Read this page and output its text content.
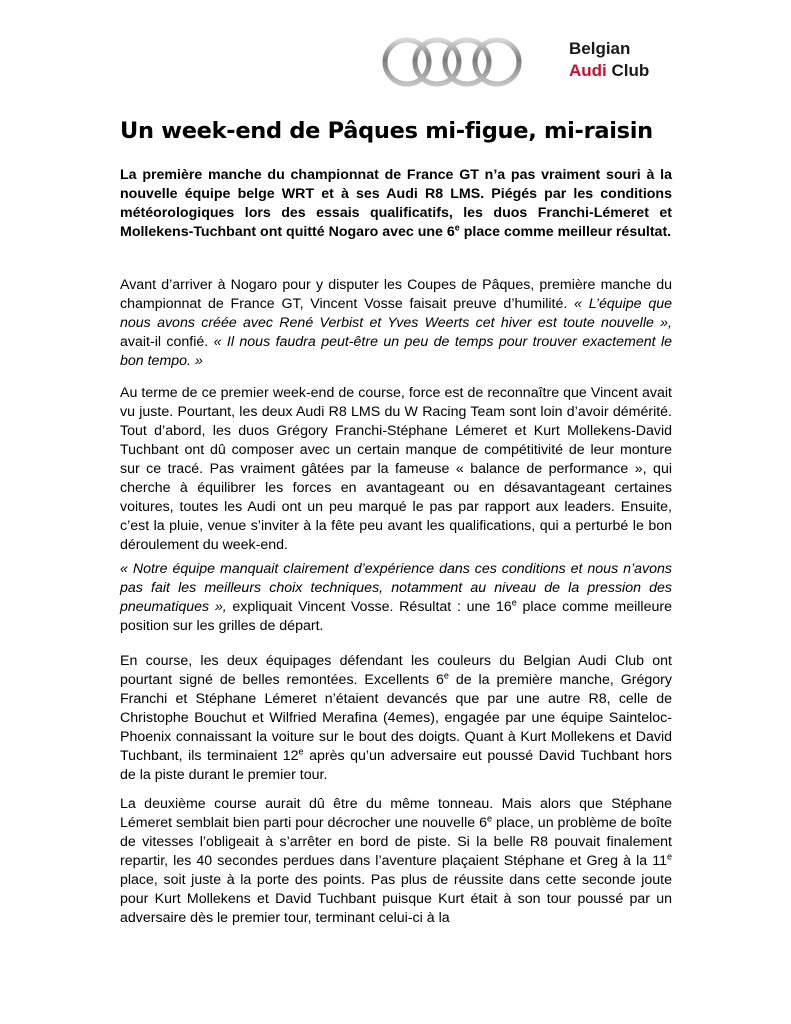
Belgian
Audi Club
Un week-end de Pâques mi-figue, mi-raisin
La première manche du championnat de France GT n’a pas vraiment souri à la nouvelle équipe belge WRT et à ses Audi R8 LMS. Piégés par les conditions météorologiques lors des essais qualificatifs, les duos Franchi-Lémeret et Mollekens-Tuchbant ont quitté Nogaro avec une 6e place comme meilleur résultat.
Avant d’arriver à Nogaro pour y disputer les Coupes de Pâques, première manche du championnat de France GT, Vincent Vosse faisait preuve d’humilité. « L’équipe que nous avons créée avec René Verbist et Yves Weerts cet hiver est toute nouvelle », avait-il confié. « Il nous faudra peut-être un peu de temps pour trouver exactement le bon tempo. »
Au terme de ce premier week-end de course, force est de reconnaître que Vincent avait vu juste. Pourtant, les deux Audi R8 LMS du W Racing Team sont loin d’avoir démérité. Tout d’abord, les duos Grégory Franchi-Stéphane Lémeret et Kurt Mollekens-David Tuchbant ont dû composer avec un certain manque de compétitivité de leur monture sur ce tracé. Pas vraiment gâtées par la fameuse « balance de performance », qui cherche à équilibrer les forces en avantageant ou en désavantageant certaines voitures, toutes les Audi ont un peu marqué le pas par rapport aux leaders. Ensuite, c’est la pluie, venue s’inviter à la fête peu avant les qualifications, qui a perturbé le bon déroulement du week-end.
« Notre équipe manquait clairement d’expérience dans ces conditions et nous n’avons pas fait les meilleurs choix techniques, notamment au niveau de la pression des pneumatiques », expliquait Vincent Vosse. Résultat : une 16e place comme meilleure position sur les grilles de départ.
En course, les deux équipages défendant les couleurs du Belgian Audi Club ont pourtant signé de belles remontées. Excellents 6e de la première manche, Grégory Franchi et Stéphane Lémeret n’étaient devancés que par une autre R8, celle de Christophe Bouchut et Wilfried Merafina (4emes), engagée par une équipe Sainteloc-Phoenix connaissant la voiture sur le bout des doigts. Quant à Kurt Mollekens et David Tuchbant, ils terminaient 12e après qu’un adversaire eut poussé David Tuchbant hors de la piste durant le premier tour.
La deuxième course aurait dû être du même tonneau. Mais alors que Stéphane Lémeret semblait bien parti pour décrocher une nouvelle 6e place, un problème de boîte de vitesses l’obligeait à s’arrêter en bord de piste. Si la belle R8 pouvait finalement repartir, les 40 secondes perdues dans l’aventure plaçaient Stéphane et Greg à la 11e place, soit juste à la porte des points. Pas plus de réussite dans cette seconde joute pour Kurt Mollekens et David Tuchbant puisque Kurt était à son tour poussé par un adversaire dès le premier tour, terminant celui-ci à la
